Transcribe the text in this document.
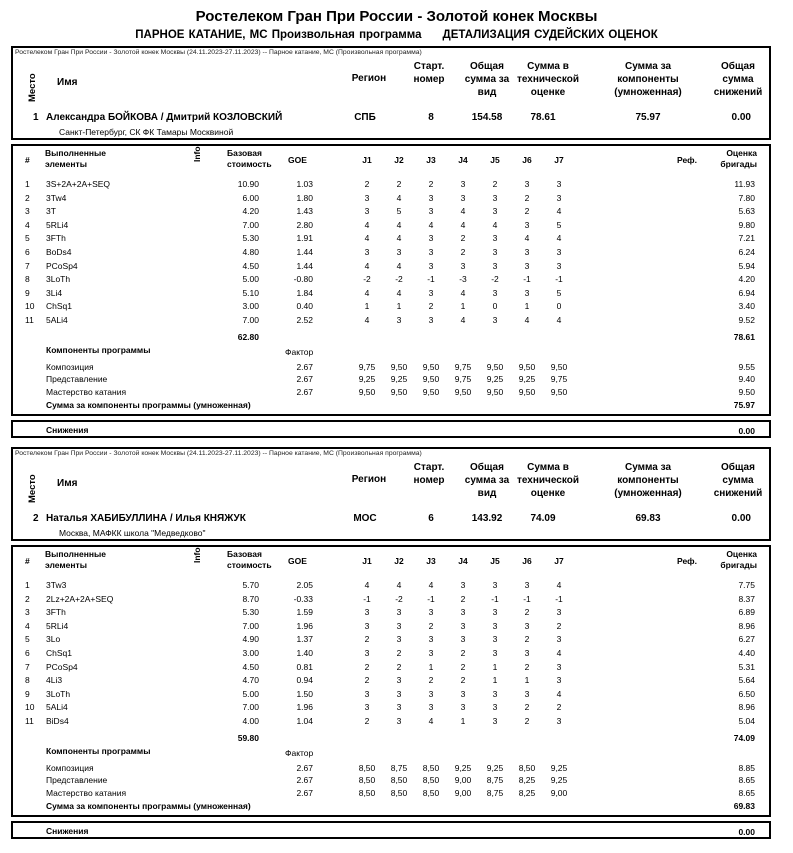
Ростелеком Гран При России - Золотой конек Москвы
ПАРНОЕ КАТАНИЕ, МС Произвольная программа ДЕТАЛИЗАЦИЯ СУДЕЙСКИХ ОЦЕНОК
Ростелеком Гран При России - Золотой конек Москвы (24.11.2023-27.11.2023) -- Парное катание, МС (Произвольная программа)
Место Имя	Регион
Старт. номер
Общая сумма за вид
Сумма в технической оценке
Сумма за компоненты (умноженная)
Общая сумма снижений
1 Александра БОЙКОВА / Дмитрий КОЗЛОВСКИЙ
Санкт-Петербург, СК ФК Тамары Москвиной
СПБ	8	154.58	78.61	75.97	0.00
#
Выполненные элементы
Info	Базовая стоимость	GOE	J1	J2	J3	J4	J5	J6	J7	Реф.
Оценка бригады
1 3S+2A+2A+SEQ	10.90	1.03	2	2	2	3	2	3	3	11.93
2 3Tw4	6.00	1.80	3	4	3	3	3	2	3	7.80
3 3T	4.20	1.43	3	5	3	4	3	2	4	5.63
4 5RLi4	7.00	2.80	4	4	4	4	4	3	5	9.80
5 3FTh	5.30	1.91	4	4	3	2	3	4	4	7.21
6 BoDs4	4.80	1.44	3	3	3	2	3	3	3	6.24
7 PCoSp4	4.50	1.44	4	4	3	3	3	3	3	5.94
8 3LoTh	5.00	-0.80	-2	-2	-1	-3	-2	-1	-1	4.20
9 3Li4	5.10	1.84	4	4	3	4	3	3	5	6.94
10 ChSq1	3.00	0.40	1	1	2	1	0	1	0	3.40
11 5ALi4	7.00	2.52	4	3	3	4	3	4	4	9.52
62.80	78.61
Компоненты программы	Фактор
Композиция	2.67	9,75	9,50	9,50	9,75	9,50	9,50	9,50	9.55
Представление	2.67	9,25	9,25	9,50	9,75	9,25	9,25	9,75	9.40
Мастерство катания	2.67	9,50	9,50	9,50	9,50	9,50	9,50	9,50	9.50
Сумма за компоненты программы (умноженная)	75.97
Снижения	0.00
Ростелеком Гран При России - Золотой конек Москвы (24.11.2023-27.11.2023) -- Парное катание, МС (Произвольная программа)
Место Имя	Регион
Старт. номер
Общая сумма за вид
Сумма в технической оценке
Сумма за компоненты (умноженная)
Общая сумма снижений
2 Наталья ХАБИБУЛЛИНА / Илья КНЯЖУК
Москва, МАФКК школа "Медведково"
МОС	6	143.92	74.09	69.83	0.00
#
Выполненные элементы
Info	Базовая стоимость	GOE	J1	J2	J3	J4	J5	J6	J7	Реф.
Оценка бригады
1 3Tw3	5.70	2.05	4	4	4	3	3	3	4	7.75
2 2Lz+2A+2A+SEQ	8.70	-0.33	-1	-2	-1	2	-1	-1	-1	8.37
3 3FTh	5.30	1.59	3	3	3	3	3	2	3	6.89
4 5RLi4	7.00	1.96	3	3	2	3	3	3	2	8.96
5 3Lo	4.90	1.37	2	3	3	3	3	2	3	6.27
6 ChSq1	3.00	1.40	3	2	3	2	3	3	4	4.40
7 PCoSp4	4.50	0.81	2	2	1	2	1	2	3	5.31
8 4Li3	4.70	0.94	2	3	2	2	1	1	3	5.64
9 3LoTh	5.00	1.50	3	3	3	3	3	3	4	6.50
10 5ALi4	7.00	1.96	3	3	3	3	3	2	2	8.96
11 BiDs4	4.00	1.04	2	3	4	1	3	2	3	5.04
59.80	74.09
Компоненты программы	Фактор
Композиция	2.67	8,50	8,75	8,50	9,25	9,25	8,50	9,25	8.85
Представление	2.67	8,50	8,50	8,50	9,00	8,75	8,25	9,25	8.65
Мастерство катания	2.67	8,50	8,50	8,50	9,00	8,75	8,25	9,00	8.65
Сумма за компоненты программы (умноженная)	69.83
Снижения	0.00
